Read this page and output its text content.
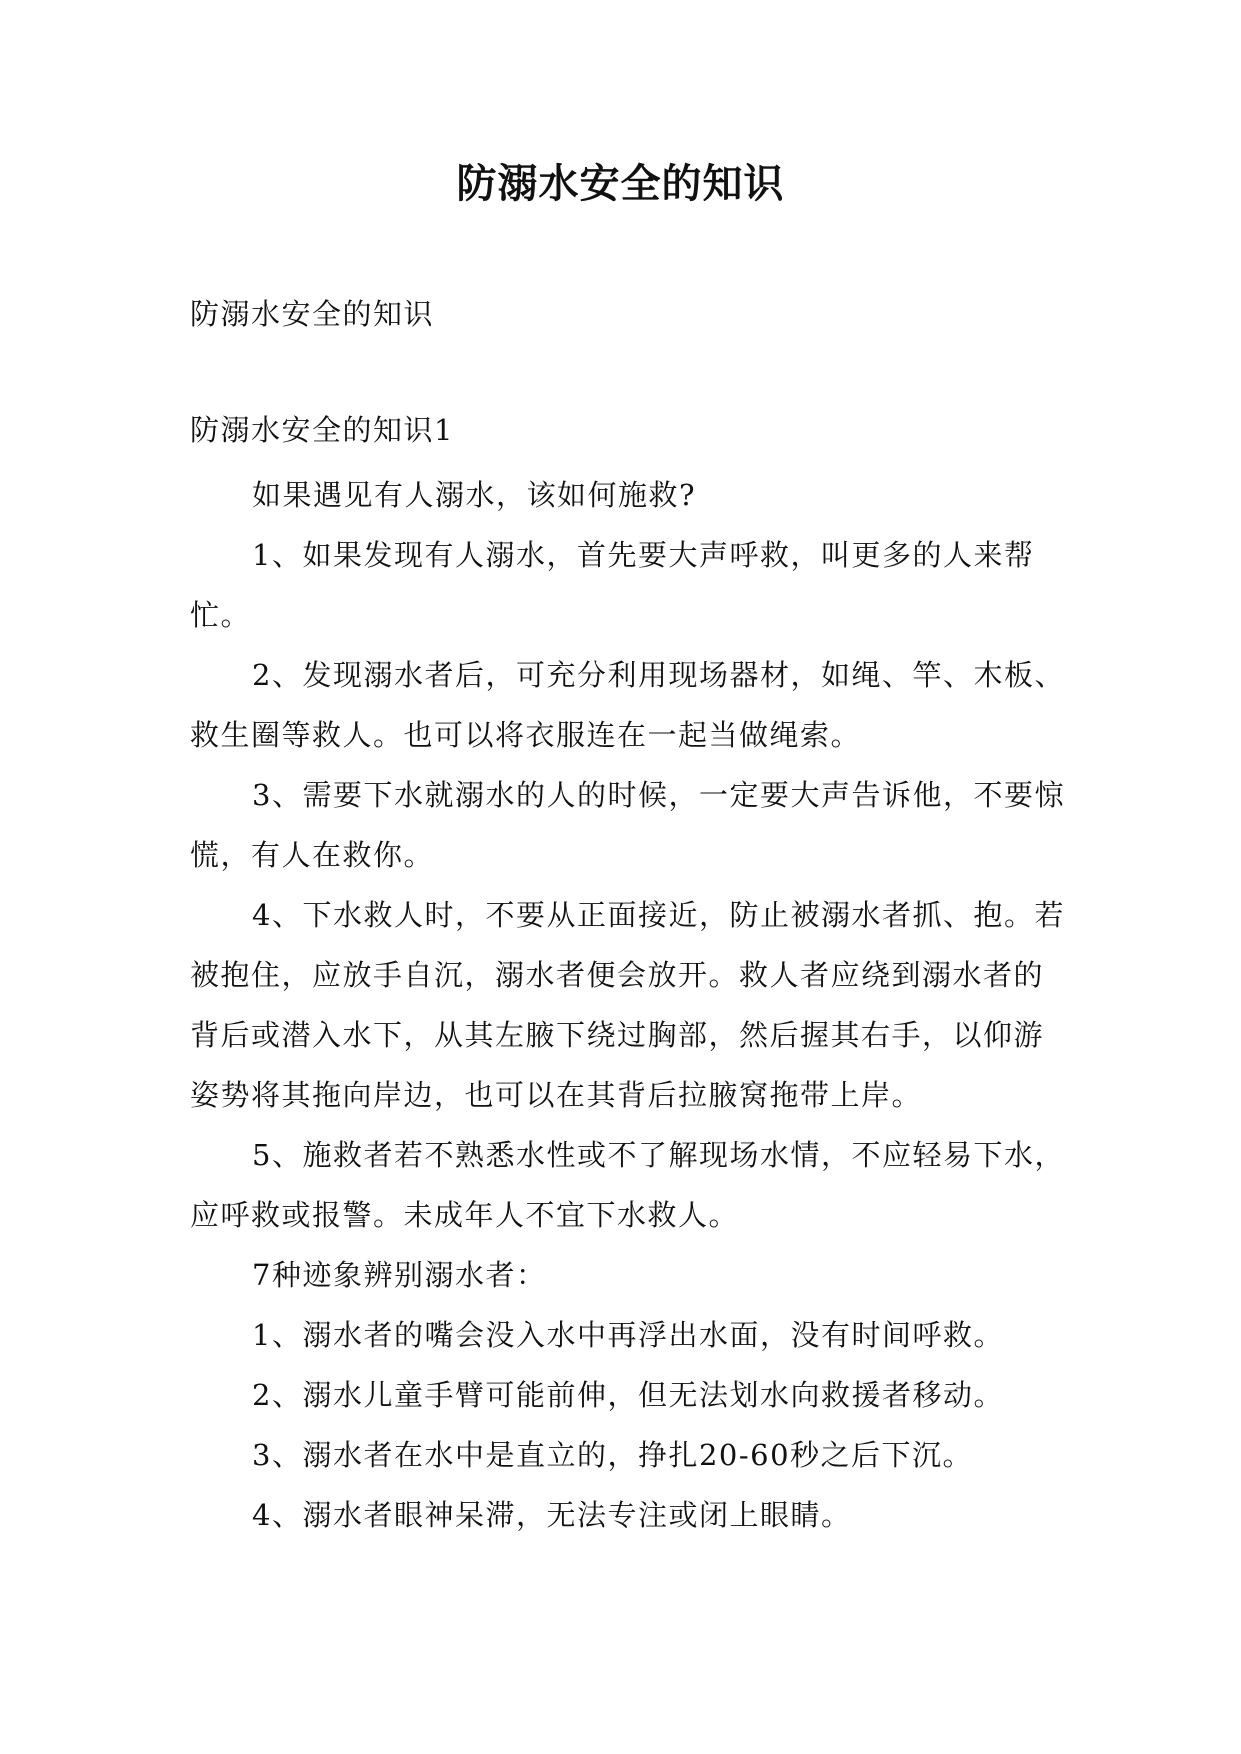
防溺水安全的知识
防溺水安全的知识
防溺水安全的知识1

如果遇见有人溺水，该如何施救?

1、如果发现有人溺水，首先要大声呼救，叫更多的人来帮忙。

2、发现溺水者后，可充分利用现场器材，如绳、竿、木板、救生圈等救人。也可以将衣服连在一起当做绳索。

3、需要下水就溺水的人的时候，一定要大声告诉他，不要惊慌，有人在救你。

4、下水救人时，不要从正面接近，防止被溺水者抓、抱。若被抱住，应放手自沉，溺水者便会放开。救人者应绕到溺水者的背后或潜入水下，从其左腋下绕过胸部，然后握其右手，以仰游姿势将其拖向岸边，也可以在其背后拉腋窝拖带上岸。

5、施救者若不熟悉水性或不了解现场水情，不应轻易下水，应呼救或报警。未成年人不宜下水救人。

7种迹象辨别溺水者：

1、溺水者的嘴会没入水中再浮出水面，没有时间呼救。

2、溺水儿童手臂可能前伸，但无法划水向救援者移动。

3、溺水者在水中是直立的，挣扎20-60秒之后下沉。

4、溺水者眼神呆滞，无法专注或闭上眼睛。
